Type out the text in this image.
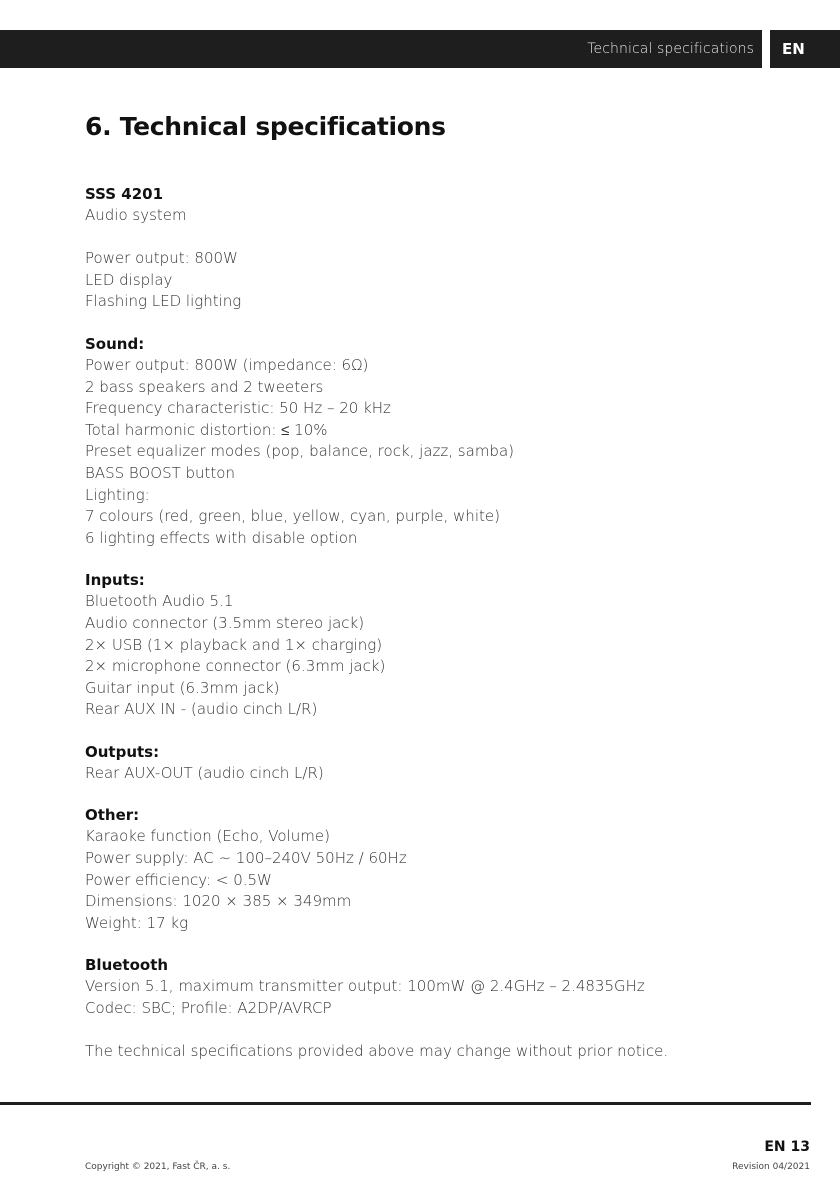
Technical specifications	EN
6. Technical specifications
SSS 4201
Audio system
Power output: 800W
LED display
Flashing LED lighting
Sound:
Power output: 800W (impedance: 6Ω)
2 bass speakers and 2 tweeters
Frequency characteristic: 50 Hz – 20 kHz
Total harmonic distortion: ≤ 10%
Preset equalizer modes (pop, balance, rock, jazz, samba)
BASS BOOST button
Lighting:
7 colours (red, green, blue, yellow, cyan, purple, white)
6 lighting effects with disable option
Inputs:
Bluetooth Audio 5.1
Audio connector (3.5mm stereo jack)
2× USB (1× playback and 1× charging)
2× microphone connector (6.3mm jack)
Guitar input (6.3mm jack)
Rear AUX IN - (audio cinch L/R)
Outputs:
Rear AUX-OUT (audio cinch L/R)
Other:
Karaoke function (Echo, Volume)
Power supply: AC ~ 100–240V 50Hz / 60Hz
Power efficiency: < 0.5W
Dimensions: 1020 × 385 × 349mm
Weight: 17 kg
Bluetooth
Version 5.1, maximum transmitter output: 100mW @ 2.4GHz – 2.4835GHz
Codec: SBC; Profile: A2DP/AVRCP
The technical specifications provided above may change without prior notice.
EN 13
Copyright © 2021, Fast ČR, a. s.	Revision 04/2021
